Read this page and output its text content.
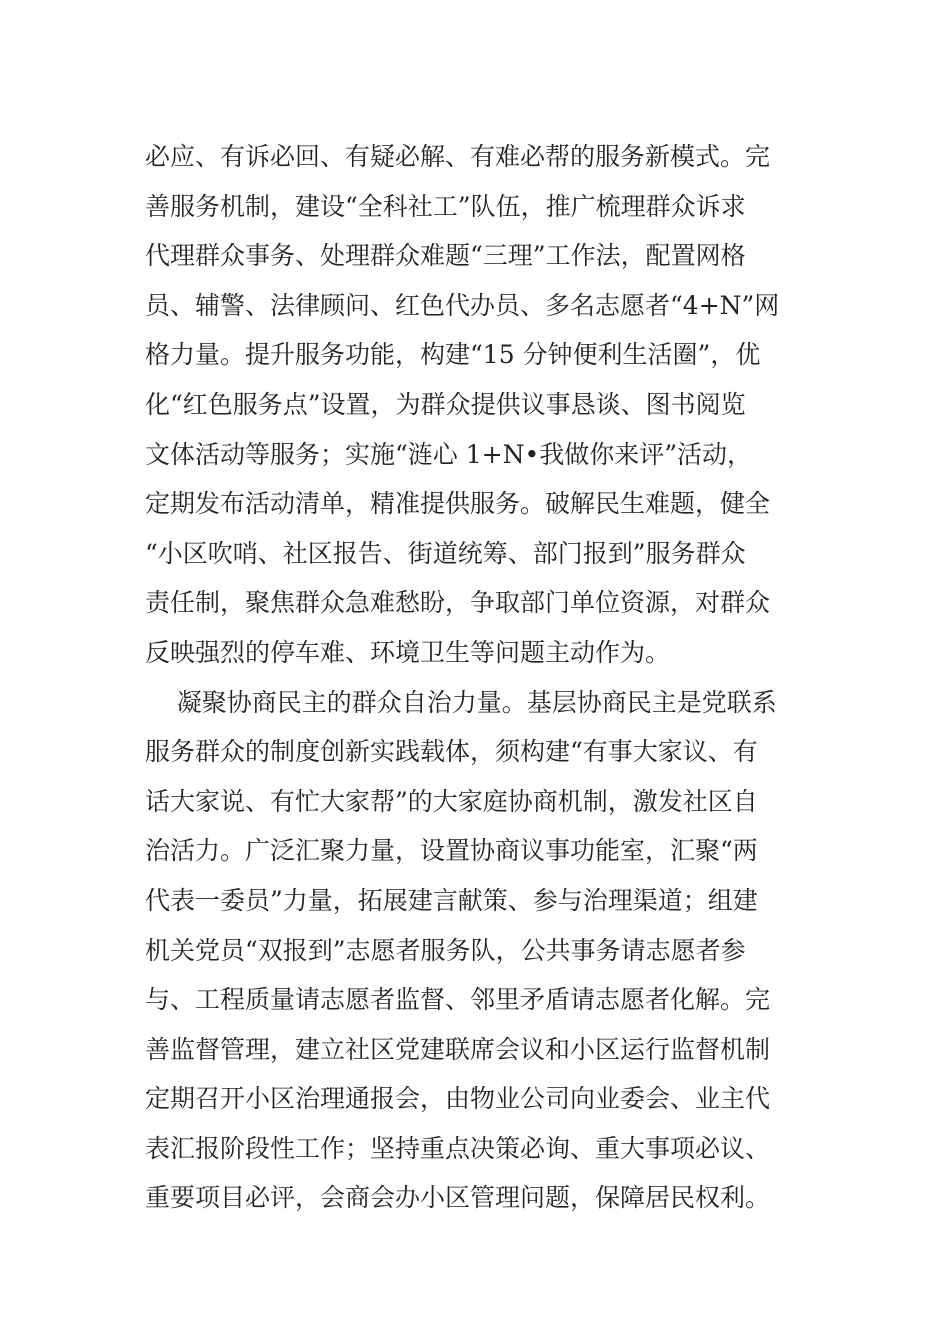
必应、有诉必回、有疑必解、有难必帮的服务新模式。完
善服务机制，建设“全科社工”队伍，推广梳理群众诉求
代理群众事务、处理群众难题“三理”工作法，配置网格
员、辅警、法律顾问、红色代办员、多名志愿者“4+N”网
格力量。提升服务功能，构建“15 分钟便利生活圈”，优
化“红色服务点”设置，为群众提供议事恳谈、图书阅览
文体活动等服务；实施“涟心 1+N•我做你来评”活动，
定期发布活动清单，精准提供服务。破解民生难题，健全
“小区吹哨、社区报告、街道统筹、部门报到”服务群众
责任制，聚焦群众急难愁盼，争取部门单位资源，对群众
反映强烈的停车难、环境卫生等问题主动作为。
凝聚协商民主的群众自治力量。基层协商民主是党联系
服务群众的制度创新实践载体，须构建“有事大家议、有
话大家说、有忙大家帮”的大家庭协商机制，激发社区自
治活力。广泛汇聚力量，设置协商议事功能室，汇聚“两
代表一委员”力量，拓展建言献策、参与治理渠道；组建
机关党员“双报到”志愿者服务队，公共事务请志愿者参
与、工程质量请志愿者监督、邻里矛盾请志愿者化解。完
善监督管理，建立社区党建联席会议和小区运行监督机制
定期召开小区治理通报会，由物业公司向业委会、业主代
表汇报阶段性工作；坚持重点决策必询、重大事项必议、
重要项目必评，会商会办小区管理问题，保障居民权利。
